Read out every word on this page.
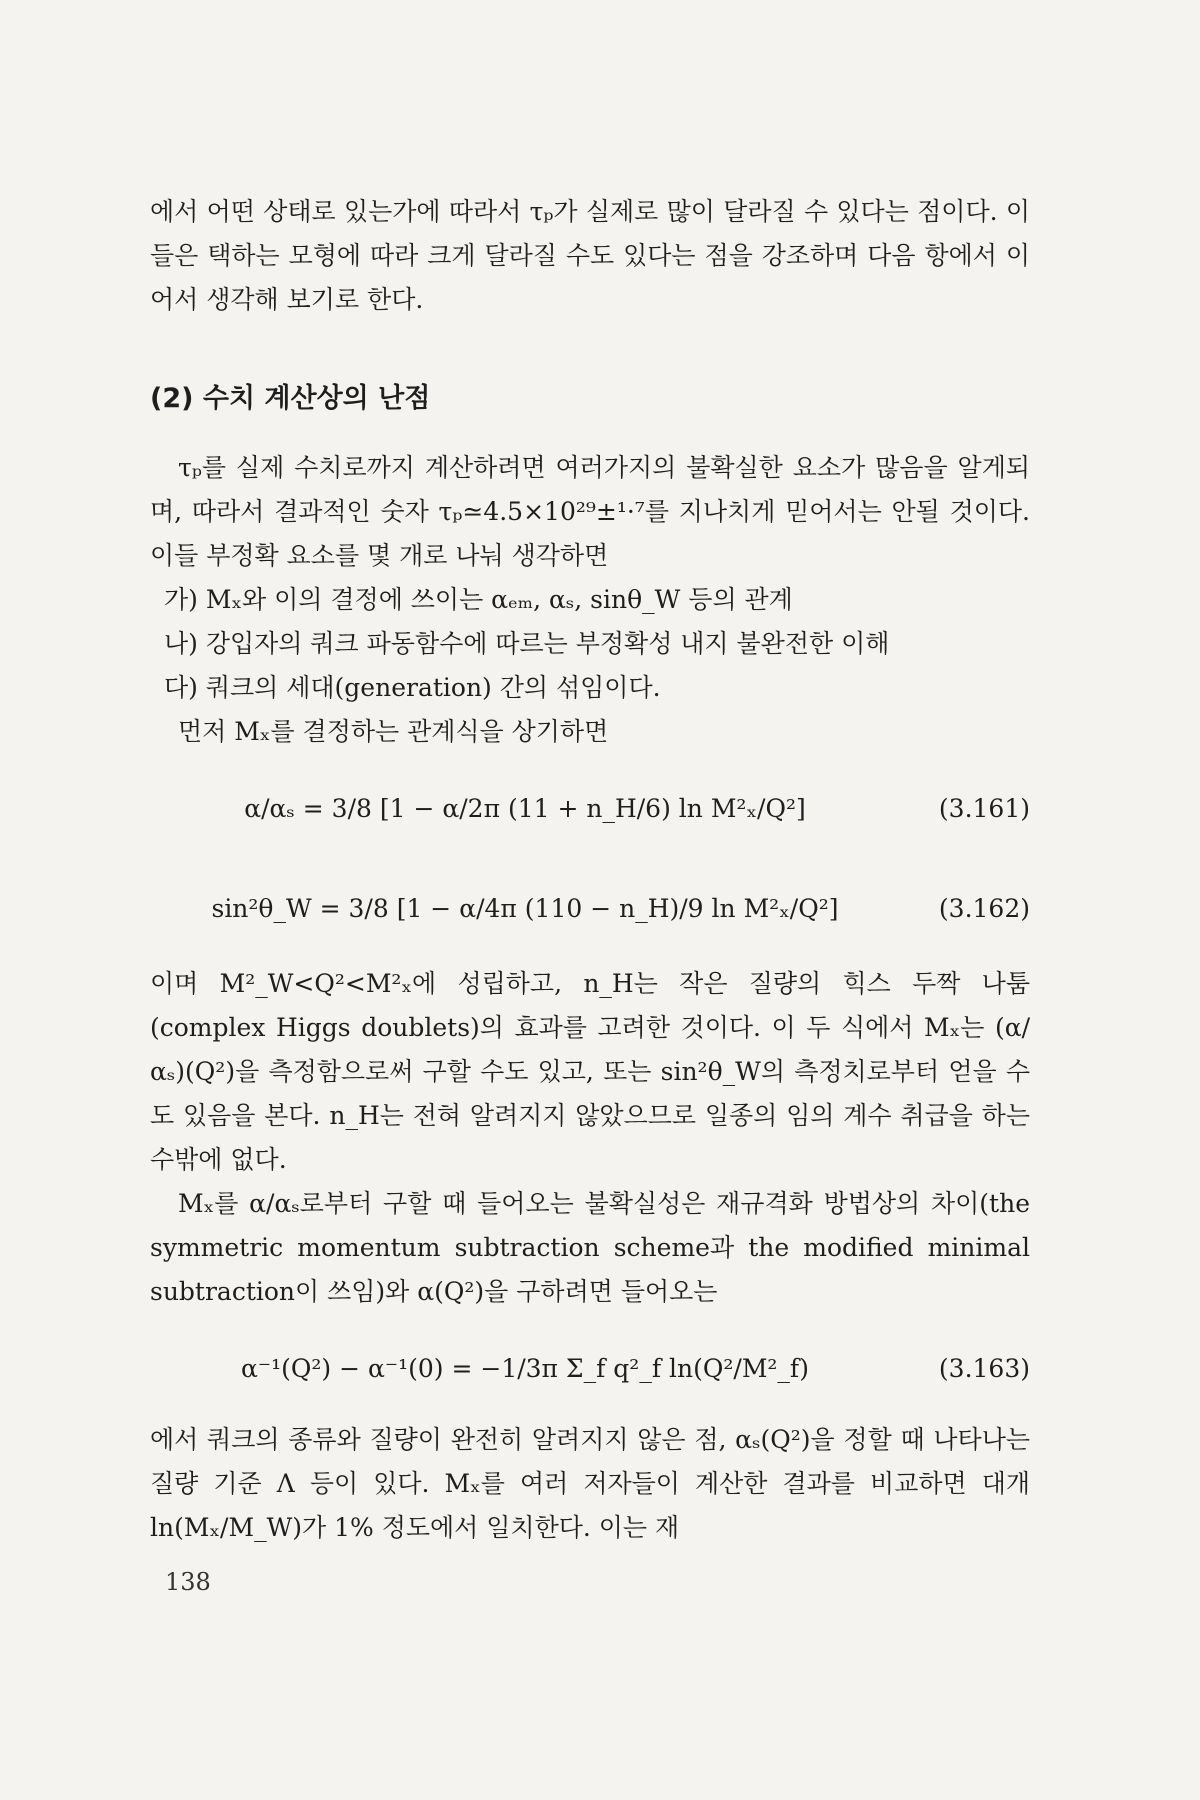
에서 어떤 상태로 있는가에 따라서 τₚ가 실제로 많이 달라질 수 있다는 점이다. 이들은 택하는 모형에 따라 크게 달라질 수도 있다는 점을 강조하며 다음 항에서 이어서 생각해 보기로 한다.

(2) 수치 계산상의 난점

τₚ를 실제 수치로까지 계산하려면 여러가지의 불확실한 요소가 많음을 알게되며, 따라서 결과적인 숫자 τₚ≃4.5×10²⁹±¹·⁷를 지나치게 믿어서는 안될 것이다. 이들 부정확 요소를 몇 개로 나눠 생각하면

가) Mₓ와 이의 결정에 쓰이는 αₑₘ, αₛ, sinθ_W 등의 관계

나) 강입자의 쿼크 파동함수에 따르는 부정확성 내지 불완전한 이해

다) 쿼크의 세대(generation) 간의 섞임이다.

먼저 Mₓ를 결정하는 관계식을 상기하면

α/αₛ = 3/8 [1 − α/2π (11 + n_H/6) ln M²ₓ/Q²]	(3.161)
sin²θ_W = 3/8 [1 − α/4π (110 − n_H)/9 ln M²ₓ/Q²]	(3.162)

이며 M²_W<Q²<M²ₓ에 성립하고, n_H는 작은 질량의 힉스 두짝 나툼(complex Higgs doublets)의 효과를 고려한 것이다. 이 두 식에서 Mₓ는 (α/αₛ)(Q²)을 측정함으로써 구할 수도 있고, 또는 sin²θ_W의 측정치로부터 얻을 수도 있음을 본다. n_H는 전혀 알려지지 않았으므로 일종의 임의 계수 취급을 하는 수밖에 없다.

Mₓ를 α/αₛ로부터 구할 때 들어오는 불확실성은 재규격화 방법상의 차이(the symmetric momentum subtraction scheme과 the modified minimal subtraction이 쓰임)와 α(Q²)을 구하려면 들어오는

α⁻¹(Q²) − α⁻¹(0) = −1/3π Σ_f q²_f ln(Q²/M²_f)	(3.163)

에서 쿼크의 종류와 질량이 완전히 알려지지 않은 점, αₛ(Q²)을 정할 때 나타나는 질량 기준 Λ 등이 있다. Mₓ를 여러 저자들이 계산한 결과를 비교하면 대개 ln(Mₓ/M_W)가 1% 정도에서 일치한다. 이는 재

138
